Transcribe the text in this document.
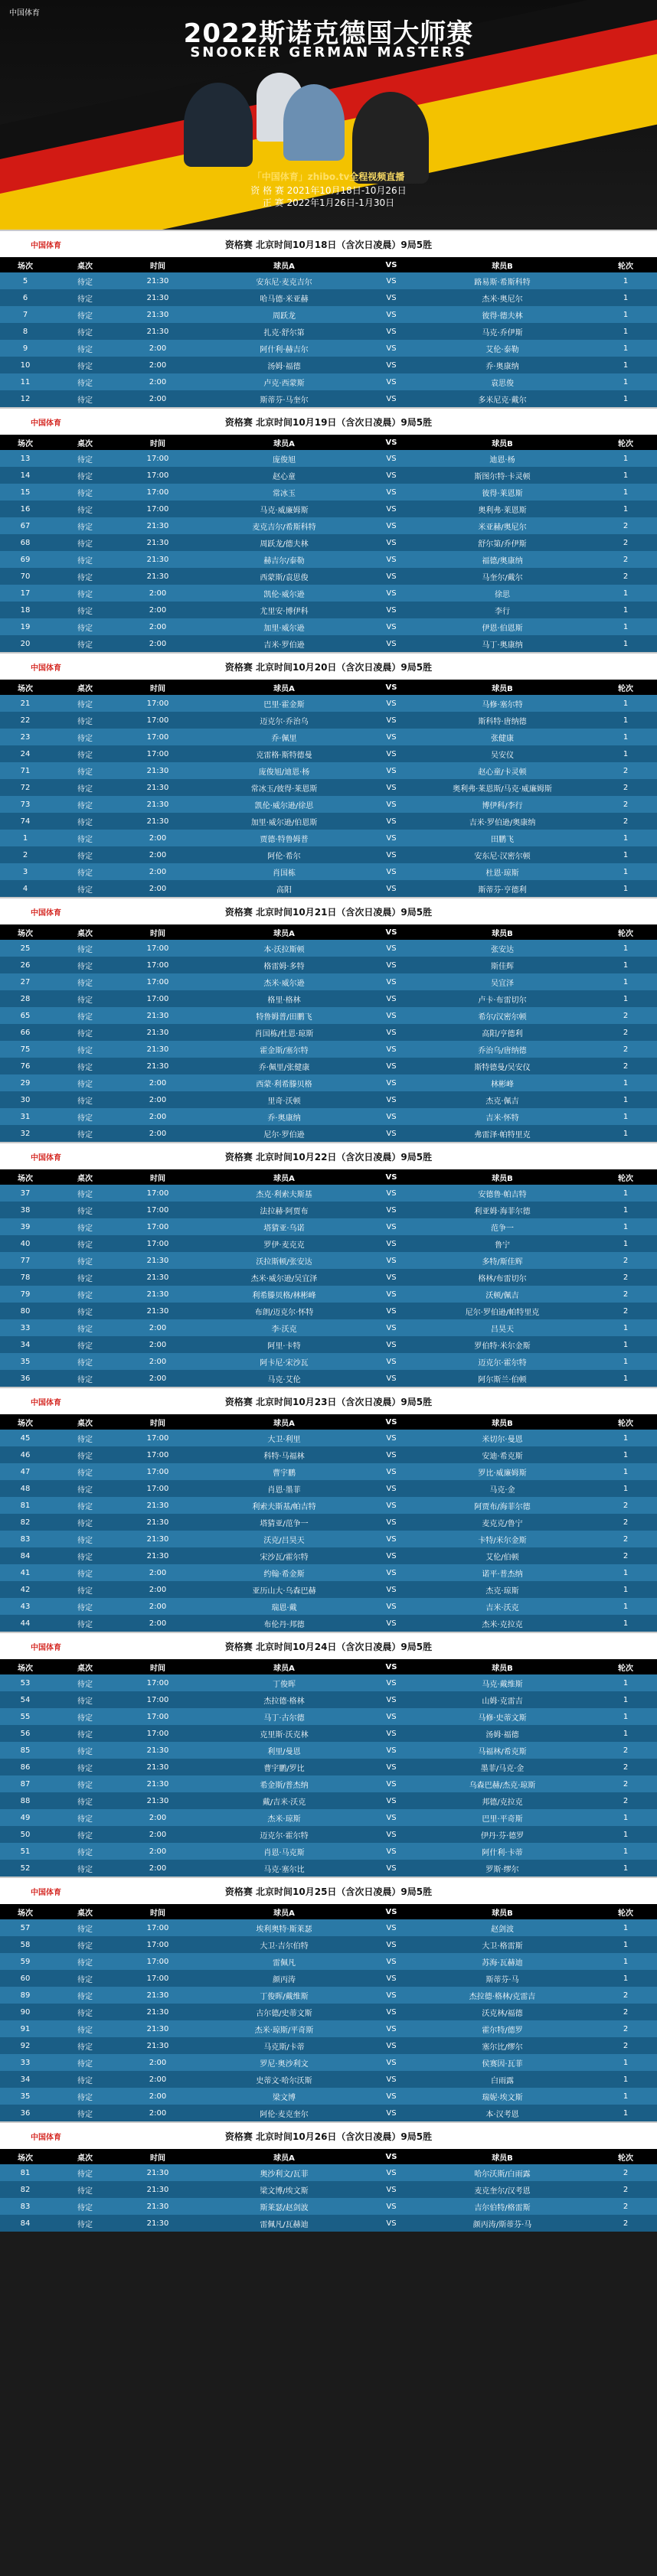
中国体育
2022斯诺克德国大师赛
SNOOKER GERMAN MASTERS
「中国体育」zhibo.tv全程视频直播
资 格 赛 2021年10月18日-10月26日
正 赛 2022年1月26日-1月30日
中国体育	资格赛 北京时间10月18日（含次日凌晨）9局5胜
场次	桌次	时间	球员A	VS	球员B	轮次
5	待定	21:30	安东尼·麦克吉尔	VS	路易斯·希斯科特	1
6	待定	21:30	哈马德·米亚赫	VS	杰米·奥尼尔	1
7	待定	21:30	周跃龙	VS	彼得·德夫林	1
8	待定	21:30	扎克·舒尔第	VS	马克·乔伊斯	1
9	待定	2:00	阿什利·赫吉尔	VS	艾伦·泰勒	1
10	待定	2:00	汤姆·福德	VS	乔·奥康纳	1
11	待定	2:00	卢克·西蒙斯	VS	袁思俊	1
12	待定	2:00	斯蒂芬·马奎尔	VS	多米尼克·戴尔	1
中国体育	资格赛 北京时间10月19日（含次日凌晨）9局5胜
场次	桌次	时间	球员A	VS	球员B	轮次
13	待定	17:00	庞俊旭	VS	迪恩·杨	1
14	待定	17:00	赵心童	VS	斯图尔特·卡灵顿	1
15	待定	17:00	常冰玉	VS	彼得·莱恩斯	1
16	待定	17:00	马克·威廉姆斯	VS	奥利弗·莱恩斯	1
67	待定	21:30	麦克吉尔/希斯科特	VS	米亚赫/奥尼尔	2
68	待定	21:30	周跃龙/德夫林	VS	舒尔第/乔伊斯	2
69	待定	21:30	赫吉尔/泰勒	VS	福德/奥康纳	2
70	待定	21:30	西蒙斯/袁思俊	VS	马奎尔/戴尔	2
17	待定	2:00	凯伦·威尔逊	VS	徐思	1
18	待定	2:00	尤里安·博伊科	VS	李行	1
19	待定	2:00	加里·威尔逊	VS	伊恩·伯恩斯	1
20	待定	2:00	吉米·罗伯逊	VS	马丁·奥康纳	1
中国体育	资格赛 北京时间10月20日（含次日凌晨）9局5胜
场次	桌次	时间	球员A	VS	球员B	轮次
21	待定	17:00	巴里·霍金斯	VS	马修·塞尔特	1
22	待定	17:00	迈克尔·乔治乌	VS	斯科特·唐纳德	1
23	待定	17:00	乔·佩里	VS	张健康	1
24	待定	17:00	克雷格·斯特德曼	VS	吴安仪	1
71	待定	21:30	庞俊旭/迪恩·杨	VS	赵心童/卡灵顿	2
72	待定	21:30	常冰玉/彼得·莱恩斯	VS	奥利弗·莱恩斯/马克·威廉姆斯	2
73	待定	21:30	凯伦·威尔逊/徐思	VS	博伊科/李行	2
74	待定	21:30	加里·威尔逊/伯恩斯	VS	吉米·罗伯逊/奥康纳	2
1	待定	2:00	贾德·特鲁姆普	VS	田鹏飞	1
2	待定	2:00	阿伦·希尔	VS	安东尼·汉密尔顿	1
3	待定	2:00	肖国栋	VS	杜恩·琼斯	1
4	待定	2:00	高阳	VS	斯蒂芬·亨德利	1
中国体育	资格赛 北京时间10月21日（含次日凌晨）9局5胜
场次	桌次	时间	球员A	VS	球员B	轮次
25	待定	17:00	本·沃拉斯顿	VS	张安达	1
26	待定	17:00	格雷姆·多特	VS	斯佳辉	1
27	待定	17:00	杰米·威尔逊	VS	吴宜泽	1
28	待定	17:00	格里·格林	VS	卢卡·布雷切尔	1
65	待定	21:30	特鲁姆普/田鹏飞	VS	希尔/汉密尔顿	2
66	待定	21:30	肖国栋/杜恩·琼斯	VS	高阳/亨德利	2
75	待定	21:30	霍金斯/塞尔特	VS	乔治乌/唐纳德	2
76	待定	21:30	乔·佩里/张健康	VS	斯特德曼/吴安仪	2
29	待定	2:00	西蒙·利希滕贝格	VS	林彬峰	1
30	待定	2:00	里奇·沃顿	VS	杰克·佩吉	1
31	待定	2:00	乔·奥康纳	VS	吉米·怀特	1
32	待定	2:00	尼尔·罗伯逊	VS	弗雷泽·帕特里克	1
中国体育	资格赛 北京时间10月22日（含次日凌晨）9局5胜
场次	桌次	时间	球员A	VS	球员B	轮次
37	待定	17:00	杰克·利索夫斯基	VS	安德鲁·帕吉特	1
38	待定	17:00	法拉赫·阿贾布	VS	利亚姆·海菲尔德	1
39	待定	17:00	塔猜亚·乌诺	VS	范争一	1
40	待定	17:00	罗伊·麦克克	VS	鲁宁	1
77	待定	21:30	沃拉斯顿/张安达	VS	多特/斯佳辉	2
78	待定	21:30	杰米·威尔逊/吴宜泽	VS	格林/布雷切尔	2
79	待定	21:30	利希滕贝格/林彬峰	VS	沃顿/佩吉	2
80	待定	21:30	布朗/迈克尔·怀特	VS	尼尔·罗伯逊/帕特里克	2
33	待定	2:00	李·沃克	VS	吕昊天	1
34	待定	2:00	阿里·卡特	VS	罗伯特·米尔金斯	1
35	待定	2:00	阿卡尼·宋沙瓦	VS	迈克尔·霍尔特	1
36	待定	2:00	马克·艾伦	VS	阿尔斯兰·伯顿	1
中国体育	资格赛 北京时间10月23日（含次日凌晨）9局5胜
场次	桌次	时间	球员A	VS	球员B	轮次
45	待定	17:00	大卫·利里	VS	米切尔·曼恩	1
46	待定	17:00	科特·马福林	VS	安迪·希克斯	1
47	待定	17:00	曹宇鹏	VS	罗比·威廉姆斯	1
48	待定	17:00	肖恩·墨菲	VS	马克·金	1
81	待定	21:30	利索夫斯基/帕吉特	VS	阿贾布/海菲尔德	2
82	待定	21:30	塔猜亚/范争一	VS	麦克克/鲁宁	2
83	待定	21:30	沃克/吕昊天	VS	卡特/米尔金斯	2
84	待定	21:30	宋沙瓦/霍尔特	VS	艾伦/伯顿	2
41	待定	2:00	约翰·希金斯	VS	诺平·普杰纳	1
42	待定	2:00	亚历山大·乌森巴赫	VS	杰克·琼斯	1
43	待定	2:00	瑞恩·戴	VS	吉米·沃克	1
44	待定	2:00	布伦丹·邦德	VS	杰米·克拉克	1
中国体育	资格赛 北京时间10月24日（含次日凌晨）9局5胜
场次	桌次	时间	球员A	VS	球员B	轮次
53	待定	17:00	丁俊晖	VS	马克·戴维斯	1
54	待定	17:00	杰拉德·格林	VS	山姆·克雷吉	1
55	待定	17:00	马丁·古尔德	VS	马修·史蒂文斯	1
56	待定	17:00	克里斯·沃克林	VS	汤姆·福德	1
85	待定	21:30	利里/曼恩	VS	马福林/希克斯	2
86	待定	21:30	曹宇鹏/罗比	VS	墨菲/马克·金	2
87	待定	21:30	希金斯/普杰纳	VS	乌森巴赫/杰克·琼斯	2
88	待定	21:30	戴/吉米·沃克	VS	邦德/克拉克	2
49	待定	2:00	杰米·琼斯	VS	巴里·平奇斯	1
50	待定	2:00	迈克尔·霍尔特	VS	伊丹·芬·德罗	1
51	待定	2:00	肖恩·马克斯	VS	阿什利·卡蒂	1
52	待定	2:00	马克·塞尔比	VS	罗斯·缪尔	1
中国体育	资格赛 北京时间10月25日（含次日凌晨）9局5胜
场次	桌次	时间	球员A	VS	球员B	轮次
57	待定	17:00	埃利奥特·斯莱瑟	VS	赵剑波	1
58	待定	17:00	大卫·吉尔伯特	VS	大卫·格雷斯	1
59	待定	17:00	雷佩凡	VS	苏海·瓦赫迪	1
60	待定	17:00	颜丙涛	VS	斯蒂芬·马	1
89	待定	21:30	丁俊晖/戴维斯	VS	杰拉德·格林/克雷吉	2
90	待定	21:30	古尔德/史蒂文斯	VS	沃克林/福德	2
91	待定	21:30	杰米·琼斯/平奇斯	VS	霍尔特/德罗	2
92	待定	21:30	马克斯/卡蒂	VS	塞尔比/缪尔	2
33	待定	2:00	罗尼·奥沙利文	VS	侯赛因·瓦菲	1
34	待定	2:00	史蒂文·哈尔沃斯	VS	白雨露	1
35	待定	2:00	梁文博	VS	瑞妮·埃文斯	1
36	待定	2:00	阿伦·麦克奎尔	VS	本·汉考恩	1
中国体育	资格赛 北京时间10月26日（含次日凌晨）9局5胜
场次	桌次	时间	球员A	VS	球员B	轮次
81	待定	21:30	奥沙利文/瓦菲	VS	哈尔沃斯/白雨露	2
82	待定	21:30	梁文博/埃文斯	VS	麦克奎尔/汉考恩	2
83	待定	21:30	斯莱瑟/赵剑波	VS	吉尔伯特/格雷斯	2
84	待定	21:30	雷佩凡/瓦赫迪	VS	颜丙涛/斯蒂芬·马	2
